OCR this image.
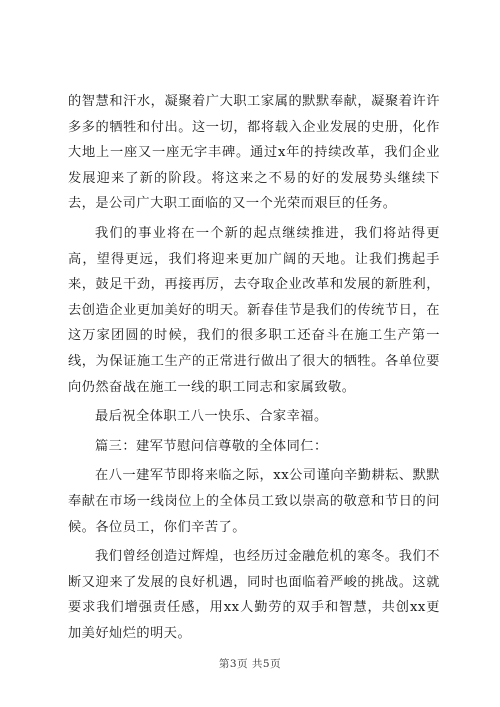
的智慧和汗水，凝聚着广大职工家属的默默奉献，凝聚着许许多多的牺牲和付出。这一切，都将载入企业发展的史册，化作大地上一座又一座无字丰碑。通过x年的持续改革，我们企业发展迎来了新的阶段。将这来之不易的好的发展势头继续下去，是公司广大职工面临的又一个光荣而艰巨的任务。

我们的事业将在一个新的起点继续推进，我们将站得更高，望得更远，我们将迎来更加广阔的天地。让我们携起手来，鼓足干劲，再接再厉，去夺取企业改革和发展的新胜利，去创造企业更加美好的明天。新春佳节是我们的传统节日，在这万家团圆的时候，我们的很多职工还奋斗在施工生产第一线，为保证施工生产的正常进行做出了很大的牺牲。各单位要向仍然奋战在施工一线的职工同志和家属致敬。

最后祝全体职工八一快乐、合家幸福。

篇三：建军节慰问信尊敬的全体同仁：

在八一建军节即将来临之际，xx公司谨向辛勤耕耘、默默奉献在市场一线岗位上的全体员工致以崇高的敬意和节日的问候。各位员工，你们辛苦了。

我们曾经创造过辉煌，也经历过金融危机的寒冬。我们不断又迎来了发展的良好机遇，同时也面临着严峻的挑战。这就要求我们增强责任感，用xx人勤劳的双手和智慧，共创xx更加美好灿烂的明天。

第3页 共5页
